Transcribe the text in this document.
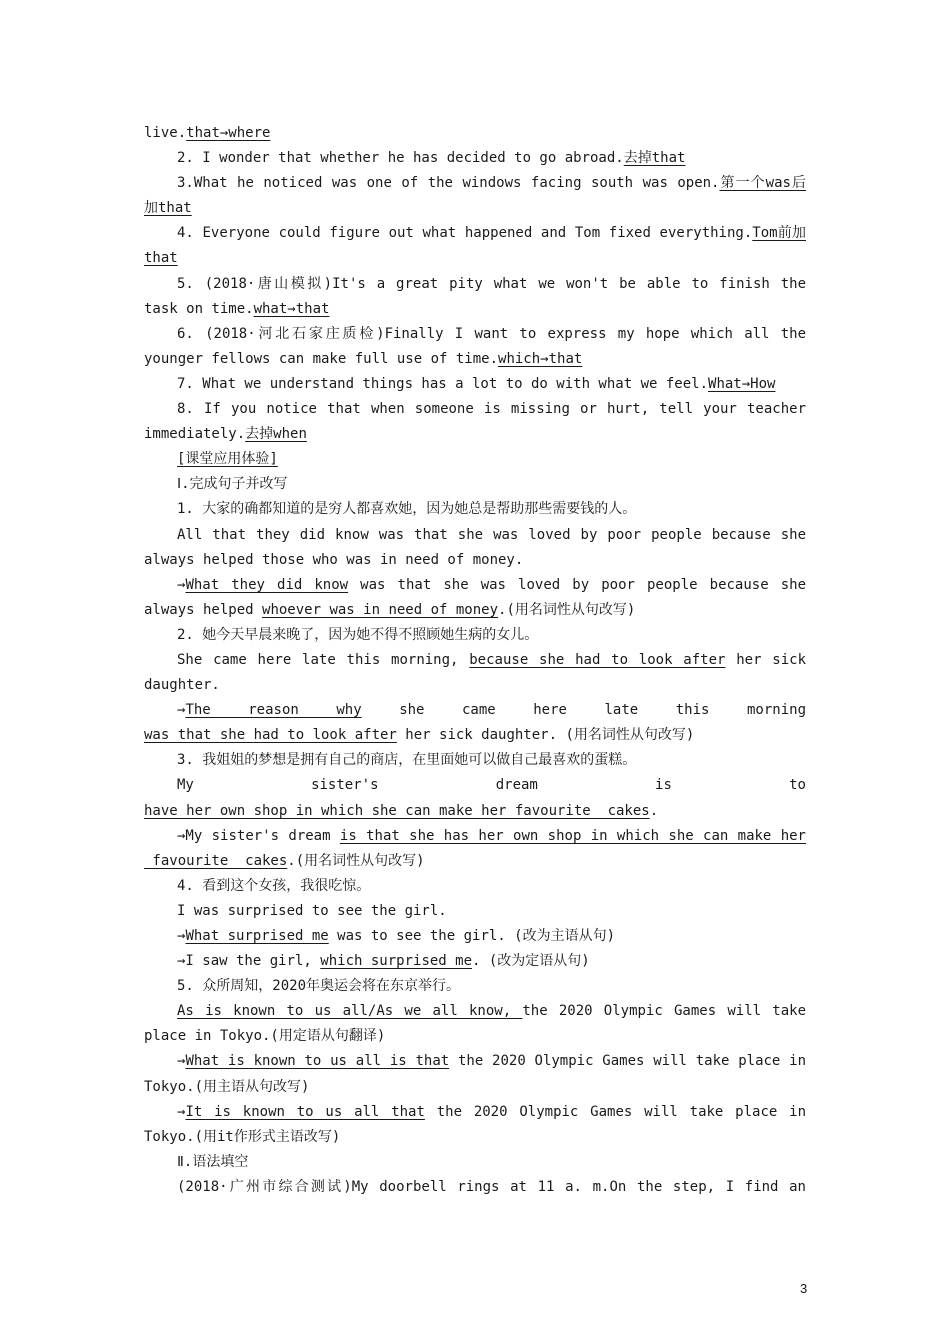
live.that→where
2. I wonder that whether he has decided to go abroad.去掉that
3.What he noticed was one of the windows facing south was open.第一个was后
加that
4. Everyone could figure out what happened and Tom fixed everything.Tom前加
that
5. (2018·唐山模拟)It's a great pity what we won't be able to finish the
task on time.what→that
6. (2018·河北石家庄质检)Finally I want to express my hope which all the
younger fellows can make full use of time.which→that
7. What we understand things has a lot to do with what we feel.What→How
8. If you notice that when someone is missing or hurt, tell your teacher
immediately.去掉when
[课堂应用体验]
Ⅰ.完成句子并改写
1. 大家的确都知道的是穷人都喜欢她，因为她总是帮助那些需要钱的人。
All that they did know was that she was loved by poor people because she
always helped those who was in need of money.
→What they did know was that she was loved by poor people because she
always helped whoever was in need of money.(用名词性从句改写)
2. 她今天早晨来晚了，因为她不得不照顾她生病的女儿。
She came here late this morning, because she had to look after her sick
daughter.
→The reason why she came here late this morning
was that she had to look after her sick daughter. (用名词性从句改写)
3. 我姐姐的梦想是拥有自己的商店，在里面她可以做自己最喜欢的蛋糕。
My sister's dream is to
have her own shop in which she can make her favourite  cakes.
→My sister's dream is that she has her own shop in which she can make her
favourite  cakes.(用名词性从句改写)
4. 看到这个女孩，我很吃惊。
I was surprised to see the girl.
→What surprised me was to see the girl. (改为主语从句)
→I saw the girl, which surprised me. (改为定语从句)
5. 众所周知，2020年奥运会将在东京举行。
As is known to us all/As we all know, the 2020 Olympic Games will take
place in Tokyo.(用定语从句翻译)
→What is known to us all is that the 2020 Olympic Games will take place in
Tokyo.(用主语从句改写)
→It is known to us all that the 2020 Olympic Games will take place in
Tokyo.(用it作形式主语改写)
Ⅱ.语法填空
(2018·广州市综合测试)My doorbell rings at 11 a. m.On the step, I find an
3
